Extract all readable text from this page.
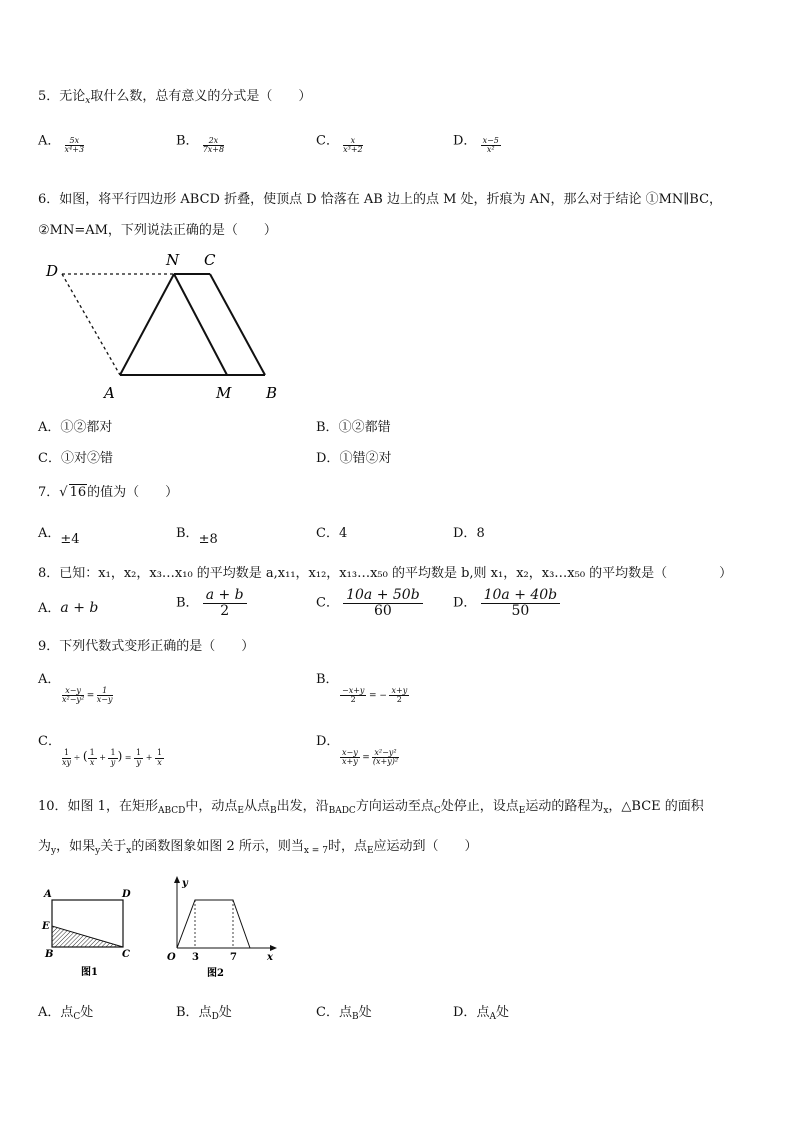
5．无论$_x$取什么数，总有意义的分式是（　　）
A． $\frac{5x}{\text{x⁴+3}}$	B． $\frac{2x}{7x+8}$	C． $\frac{x}{\text{x³+2}}$	D． $\frac{x-5}{\text{x²}}$
6．如图，将平行四边形 ABCD 折叠，使顶点 D 恰落在 AB 边上的点 M 处，折痕为 AN，那么对于结论 ①MN∥BC，
②MN=AM，下列说法正确的是（　　）
D
N C
A	M B
A．①②都对	B．①②都错
C．①对②错	D．①错②对
7．√ 16的值为（　　）
A．±4	B．±8	C．4	D．8
8．已知：x₁，x₂，x₃…x₁₀ 的平均数是 a,x₁₁，x₁₂，x₁₃…x₅₀ 的平均数是 b,则 x₁，x₂，x₃…x₅₀ 的平均数是（　　　　）
A．a + b	B． $\frac{a + b}{2}$	C． $\frac{10a + 50b}{60}$ D． $\frac{10a + 40b}{50}$
9．下列代数式变形正确的是（　　）
A．
$\frac{x-y}{\text{x²−y²}} = \frac{1}{x-y}$
B．
$\frac{-x+y}{2}$ = − $\frac{x+y}{2}$
C．
$\frac{1}{xy}$ ÷ ( $\frac{1}{x} + \frac{1}{y}$ ) = $\frac{1}{y} + \frac{1}{x}$
D．
$\frac{x-y}{x+y} = \frac{\text{x²−y²}}{\text{(x+y)²}}$
10．如图 1，在矩形$_{ABCD}$中，动点$_E$从点$_B$出发，沿$_{BADC}$方向运动至点$_C$处停止，设点$_E$运动的路程为$_x$，△BCE 的面积
为$_y$，如果$_y$关于$_x$的函数图象如图 2 所示，则当$_{x = 7}$时，点$_E$应运动到（　　）
A	D
E
B	C
图1
y
x
O 3	7
图2
A．点$_C$处	B．点$_D$处	C．点$_B$处	D．点$_A$处
